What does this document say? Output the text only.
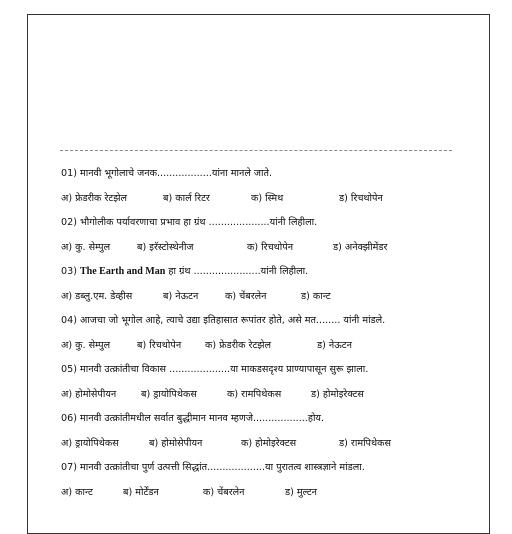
01) मानवी भूगोलाचे जनक..................यांना मानले जाते.
अ) फ्रेडरीक रेटझेल	ब) कार्ल रिटर	क) स्मिथ	ड) रिचथोपेन
02) भौगोलीक पर्यावरणाचा प्रभाव हा ग्रंथ ....................यांनी लिहीला.
अ) कु. सेम्पुल	ब) इरॅस्टोस्थेनीज	क) रिचथोपेन	ड) अनेक्झीमेंडर
03) The Earth and Man हा ग्रंथ ......................यांनी लिहीला.
अ) डब्लु.एम. डेव्हीस	ब) नेऊटन	क) चेंबरलेन	ड) कान्ट
04) आजचा जो भूगोल आहे, त्याचे उद्या इतिहासात रूपांतर होते, असे मत........ यांनी मांडले.
अ) कु. सेम्पुल	ब) रिचथोपेन	क) फ्रेडरीक रेटझेल	ड) नेऊटन
05) मानवी उत्क्रांतीचा विकास ....................या माकडसदृश्य प्राण्यापासून सुरू झाला.
अ) होमोसेपीयन	ब) ड्रायोपिथेकस	क) रामपिथेकस	ड) होमोइरेक्टस
06) मानवी उत्क्रांतीमधील सर्वात बुद्धीमान मानव म्हणजे..................होय.
अ) ड्रायोपिथेकस	ब) होमोसेपीयन	क) होमोइरेक्टस	ड) रामपिथेकस
07) मानवी उत्क्रांतीचा पुर्ण उत्पत्ती सिद्धांत...................या पुरातत्व शास्त्रज्ञाने मांडला.
अ) कान्ट	ब) मोर्टेंडन	क) चेंबरलेन	ड) मुल्टन
